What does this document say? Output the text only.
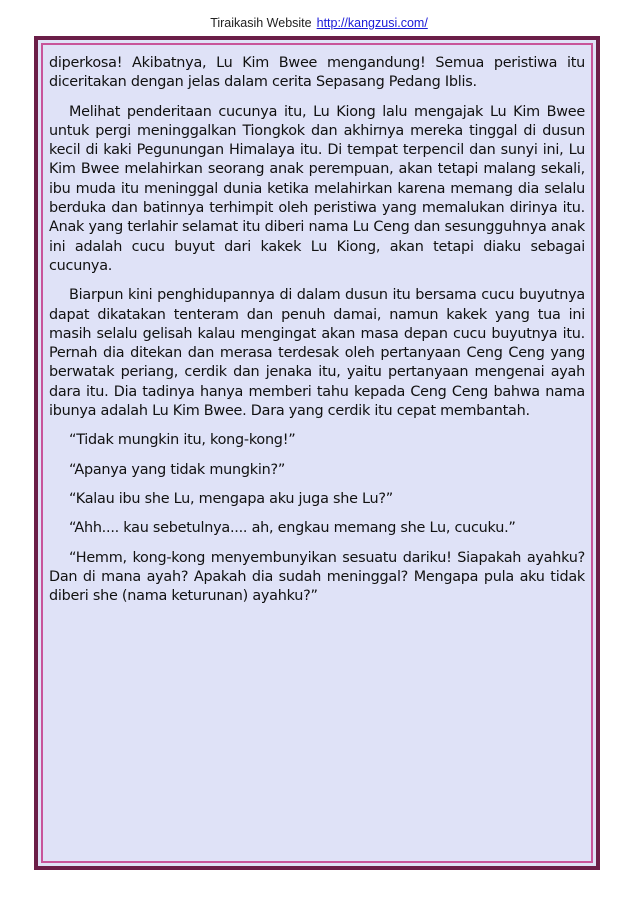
Tiraikasih Website http://kangzusi.com/

diperkosa! Akibatnya, Lu Kim Bwee mengandung! Semua peristiwa itu diceritakan dengan jelas dalam cerita Sepasang Pedang Iblis.

Melihat penderitaan cucunya itu, Lu Kiong lalu mengajak Lu Kim Bwee untuk pergi meninggalkan Tiongkok dan akhirnya mereka tinggal di dusun kecil di kaki Pegunungan Himalaya itu. Di tempat terpencil dan sunyi ini, Lu Kim Bwee melahirkan seorang anak perempuan, akan tetapi malang sekali, ibu muda itu meninggal dunia ketika melahirkan karena memang dia selalu berduka dan batinnya terhimpit oleh peristiwa yang memalukan dirinya itu. Anak yang terlahir selamat itu diberi nama Lu Ceng dan sesungguhnya anak ini adalah cucu buyut dari kakek Lu Kiong, akan tetapi diaku sebagai cucunya.

Biarpun kini penghidupannya di dalam dusun itu bersama cucu buyutnya dapat dikatakan tenteram dan penuh damai, namun kakek yang tua ini masih selalu gelisah kalau mengingat akan masa depan cucu buyutnya itu. Pernah dia ditekan dan merasa terdesak oleh pertanyaan Ceng Ceng yang berwatak periang, cerdik dan jenaka itu, yaitu pertanyaan mengenai ayah dara itu. Dia tadinya hanya memberi tahu kepada Ceng Ceng bahwa nama ibunya adalah Lu Kim Bwee. Dara yang cerdik itu cepat membantah.

“Tidak mungkin itu, kong-kong!”

“Apanya yang tidak mungkin?”

“Kalau ibu she Lu, mengapa aku juga she Lu?”

“Ahh.... kau sebetulnya.... ah, engkau memang she Lu, cucuku.”

“Hemm, kong-kong menyembunyikan sesuatu dariku! Siapakah ayahku? Dan di mana ayah? Apakah dia sudah meninggal? Mengapa pula aku tidak diberi she (nama keturunan) ayahku?”
